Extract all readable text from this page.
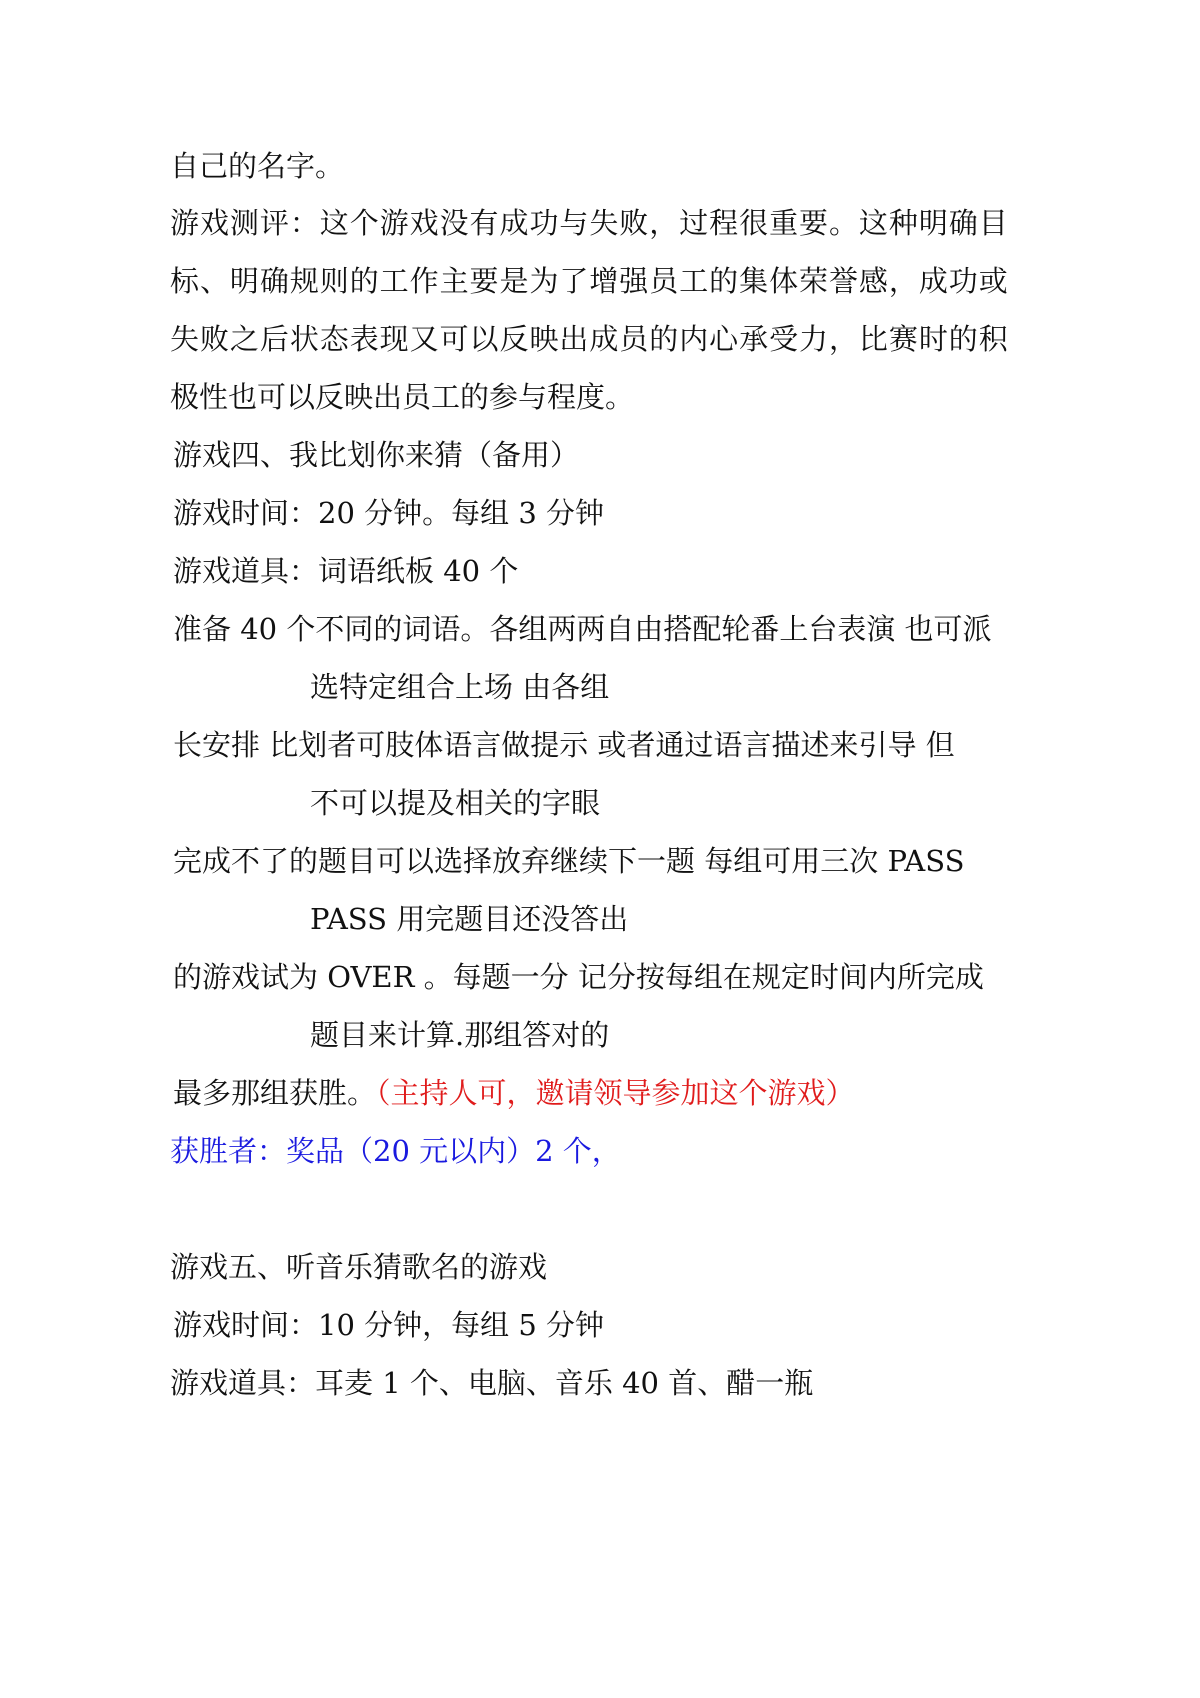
自己的名字。
游 戏 测 评 ： 这 个 游 戏 没 有 成 功 与 失 败 ， 过 程 很 重 要 。 这 种 明 确 目
标 、 明 确 规 则 的 工 作 主 要 是 为 了 增 强 员 工 的 集 体 荣 誉 感 ， 成 功 或
失 败 之 后 状 态 表 现 又 可 以 反 映 出 成 员 的 内 心 承 受 力 ， 比 赛 时 的 积
极性也可以反映出员工的参与程度。
游戏四、我比划你来猜（备用）
游戏时间：20 分钟。每组 3 分钟
游戏道具：词语纸板 40 个
准备 40 个不同的词语。各组两两自由搭配轮番上台表演 也可派
选特定组合上场 由各组
长安排 比划者可肢体语言做提示 或者通过语言描述来引导 但
不可以提及相关的字眼
完成不了的题目可以选择放弃继续下一题 每组可用三次 PASS
PASS 用完题目还没答出
的游戏试为 OVER 。每题一分 记分按每组在规定时间内所完成
题目来计算.那组答对的
最多那组获胜。（主持人可，邀请领导参加这个游戏）
获胜者：奖品（20 元以内）2 个，
游戏五、听音乐猜歌名的游戏
游戏时间：10 分钟，每组 5 分钟
游戏道具：耳麦 1 个、电脑、音乐 40 首、醋一瓶
